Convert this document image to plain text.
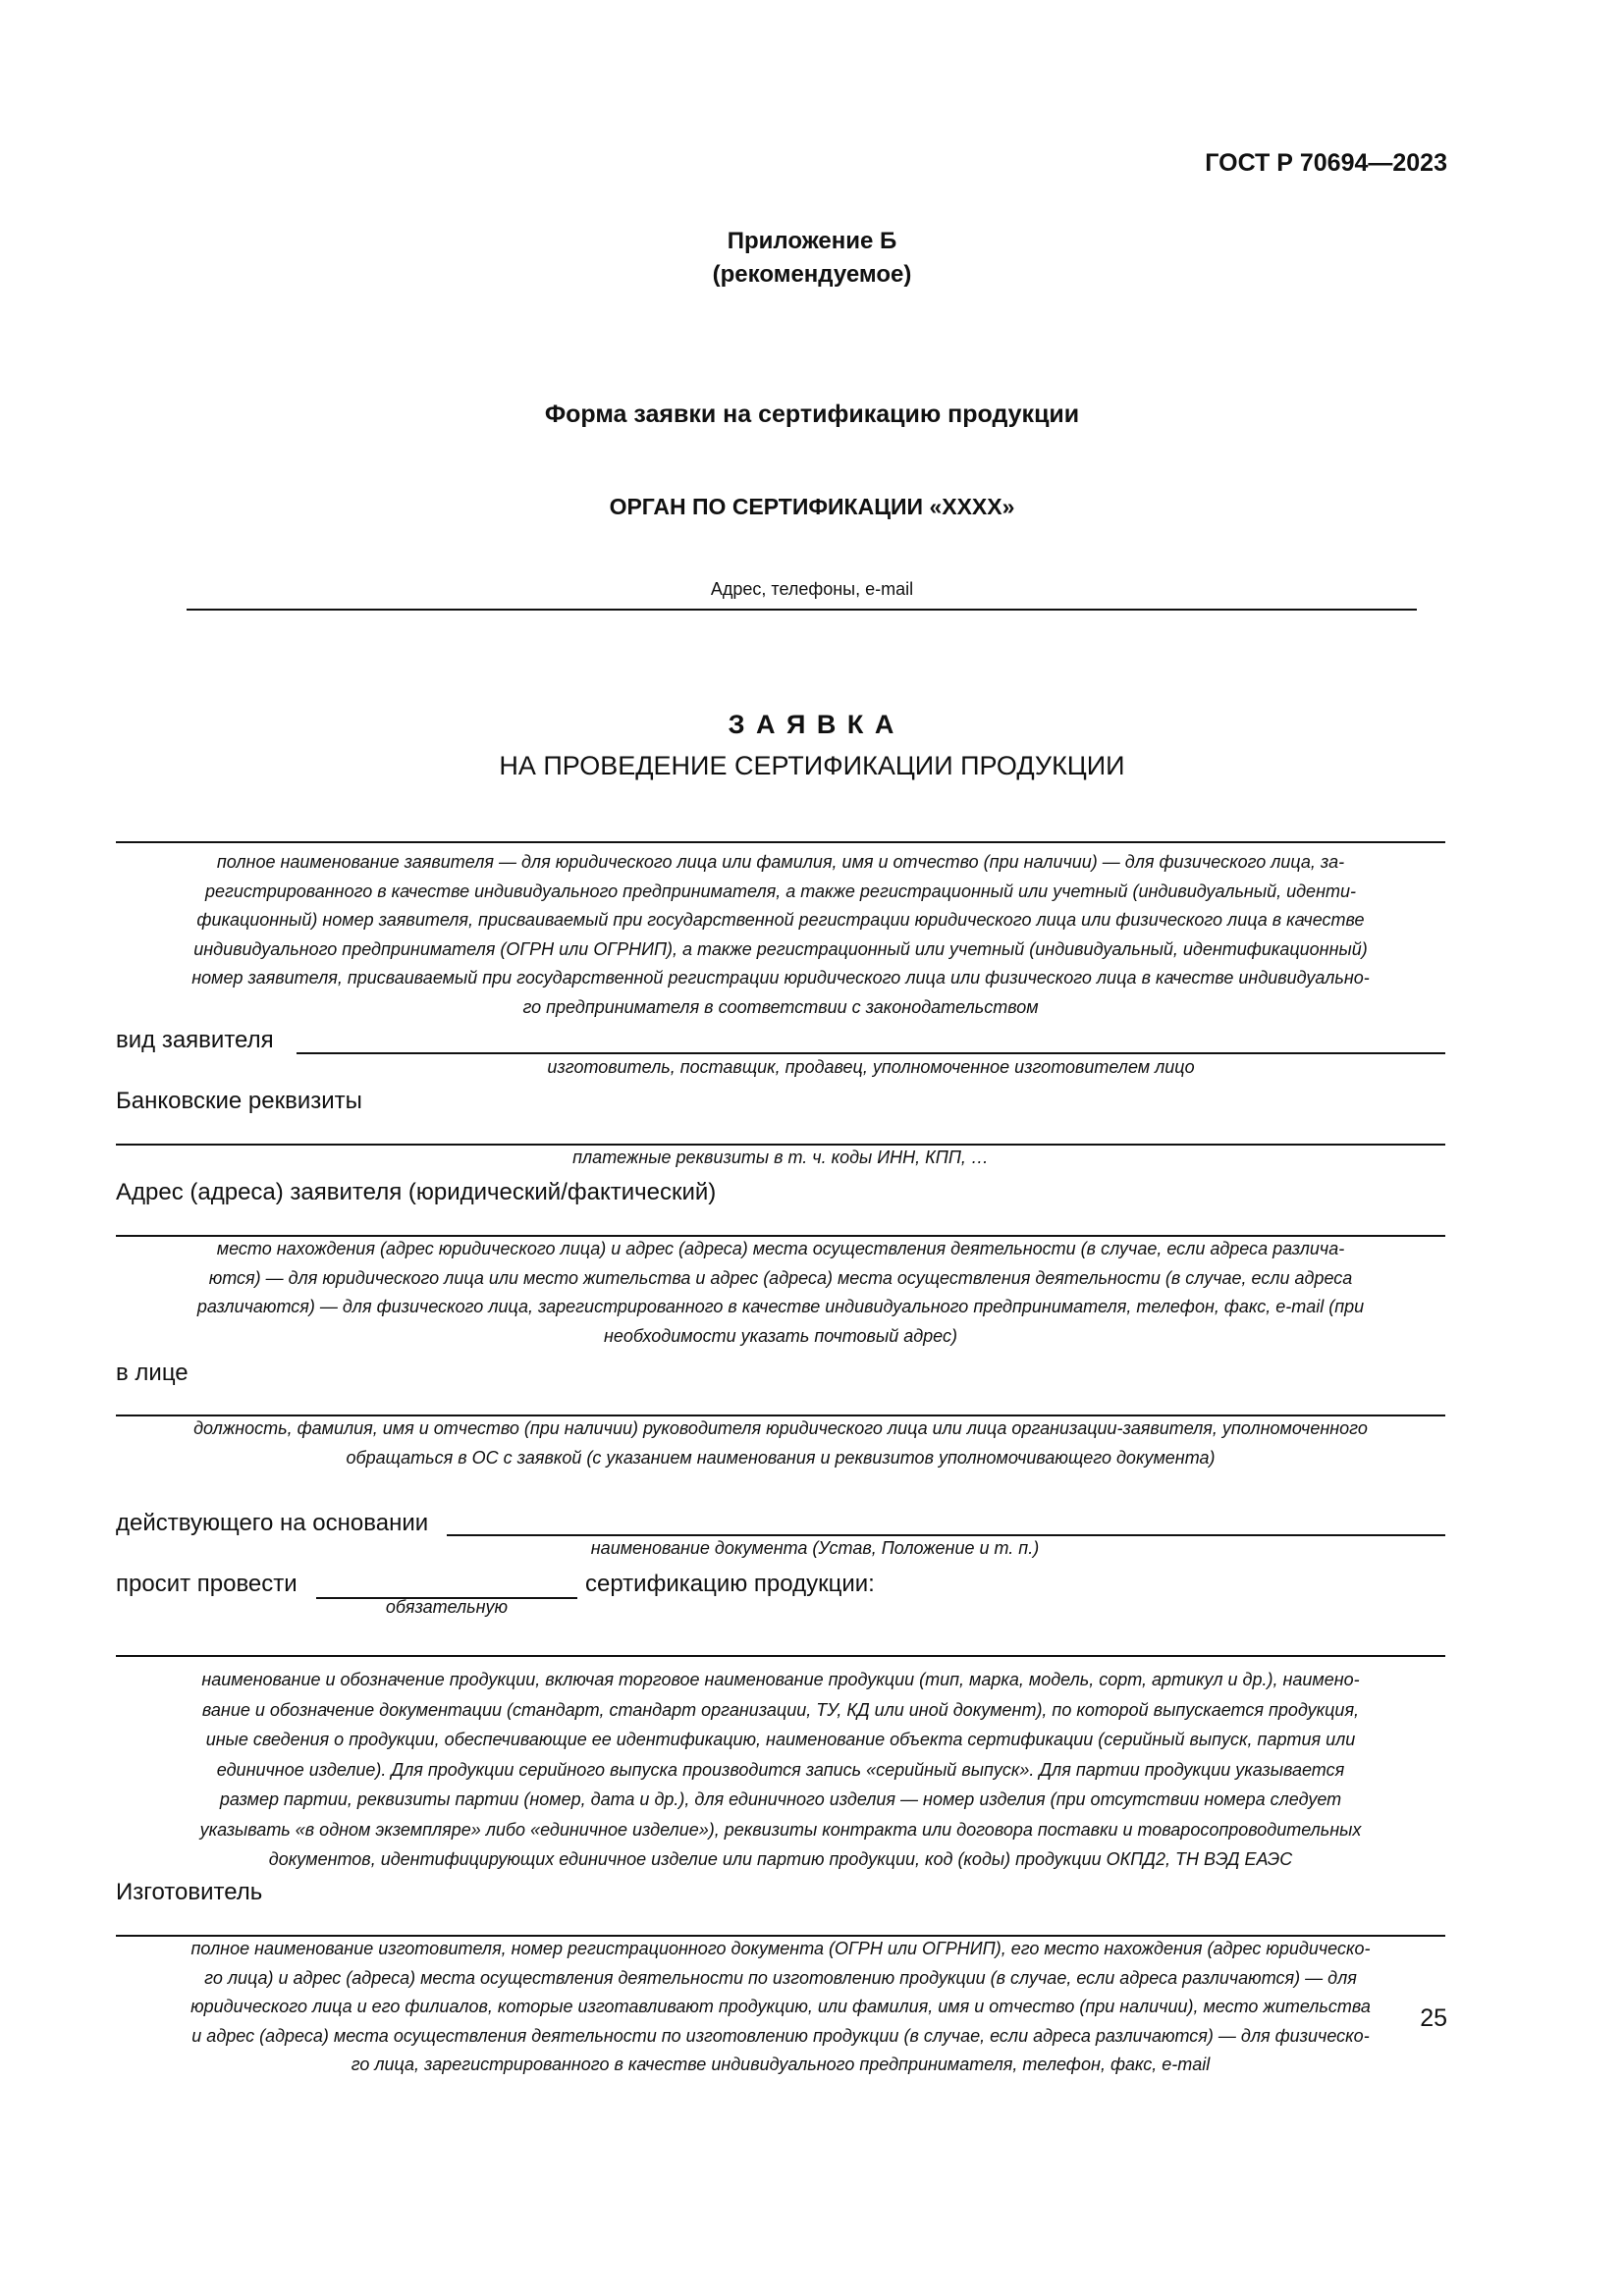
ГОСТ Р 70694—2023
Приложение Б
(рекомендуемое)
Форма заявки на сертификацию продукции
ОРГАН ПО СЕРТИФИКАЦИИ «XXXX»
Адрес, телефоны, e-mail
З А Я В К А
НА ПРОВЕДЕНИЕ СЕРТИФИКАЦИИ ПРОДУКЦИИ
полное наименование заявителя — для юридического лица или фамилия, имя и отчество (при наличии) — для физического лица, за-
регистрированного в качестве индивидуального предпринимателя, а также регистрационный или учетный (индивидуальный, иденти-
фикационный) номер заявителя, присваиваемый при государственной регистрации юридического лица или физического лица в качестве
индивидуального предпринимателя (ОГРН или ОГРНИП), а также регистрационный или учетный (индивидуальный, идентификационный)
номер заявителя, присваиваемый при государственной регистрации юридического лица или физического лица в качестве индивидуально-
го предпринимателя в соответствии с законодательством
вид заявителя
изготовитель, поставщик, продавец, уполномоченное изготовителем лицо
Банковские реквизиты
платежные реквизиты в т. ч. коды ИНН, КПП, …
Адрес (адреса) заявителя (юридический/фактический)
место нахождения (адрес юридического лица) и адрес (адреса) места осуществления деятельности (в случае, если адреса различа-
ются) — для юридического лица или место жительства и адрес (адреса) места осуществления деятельности (в случае, если адреса
различаются) — для физического лица, зарегистрированного в качестве индивидуального предпринимателя, телефон, факс, e-mail (при
необходимости указать почтовый адрес)
в лице
должность, фамилия, имя и отчество (при наличии) руководителя юридического лица или лица организации-заявителя, уполномоченного
обращаться в ОС с заявкой (с указанием наименования и реквизитов уполномочивающего документа)
действующего на основании
наименование документа (Устав, Положение и т. п.)
просит провести
обязательную
сертификацию продукции:
наименование и обозначение продукции, включая торговое наименование продукции (тип, марка, модель, сорт, артикул и др.), наимено-
вание и обозначение документации (стандарт, стандарт организации, ТУ, КД или иной документ), по которой выпускается продукция,
иные сведения о продукции, обеспечивающие ее идентификацию, наименование объекта сертификации (серийный выпуск, партия или
единичное изделие). Для продукции серийного выпуска производится запись «серийный выпуск». Для партии продукции указывается
размер партии, реквизиты партии (номер, дата и др.), для единичного изделия — номер изделия (при отсутствии номера следует
указывать «в одном экземпляре» либо «единичное изделие»), реквизиты контракта или договора поставки и товаросопроводительных
документов, идентифицирующих единичное изделие или партию продукции, код (коды) продукции ОКПД2, ТН ВЭД ЕАЭС
Изготовитель
полное наименование изготовителя, номер регистрационного документа (ОГРН или ОГРНИП), его место нахождения (адрес юридическо-
го лица) и адрес (адреса) места осуществления деятельности по изготовлению продукции (в случае, если адреса различаются) — для
юридического лица и его филиалов, которые изготавливают продукцию, или фамилия, имя и отчество (при наличии), место жительства
и адрес (адреса) места осуществления деятельности по изготовлению продукции (в случае, если адреса различаются) — для физическо-
го лица, зарегистрированного в качестве индивидуального предпринимателя, телефон, факс, e-mail
25
